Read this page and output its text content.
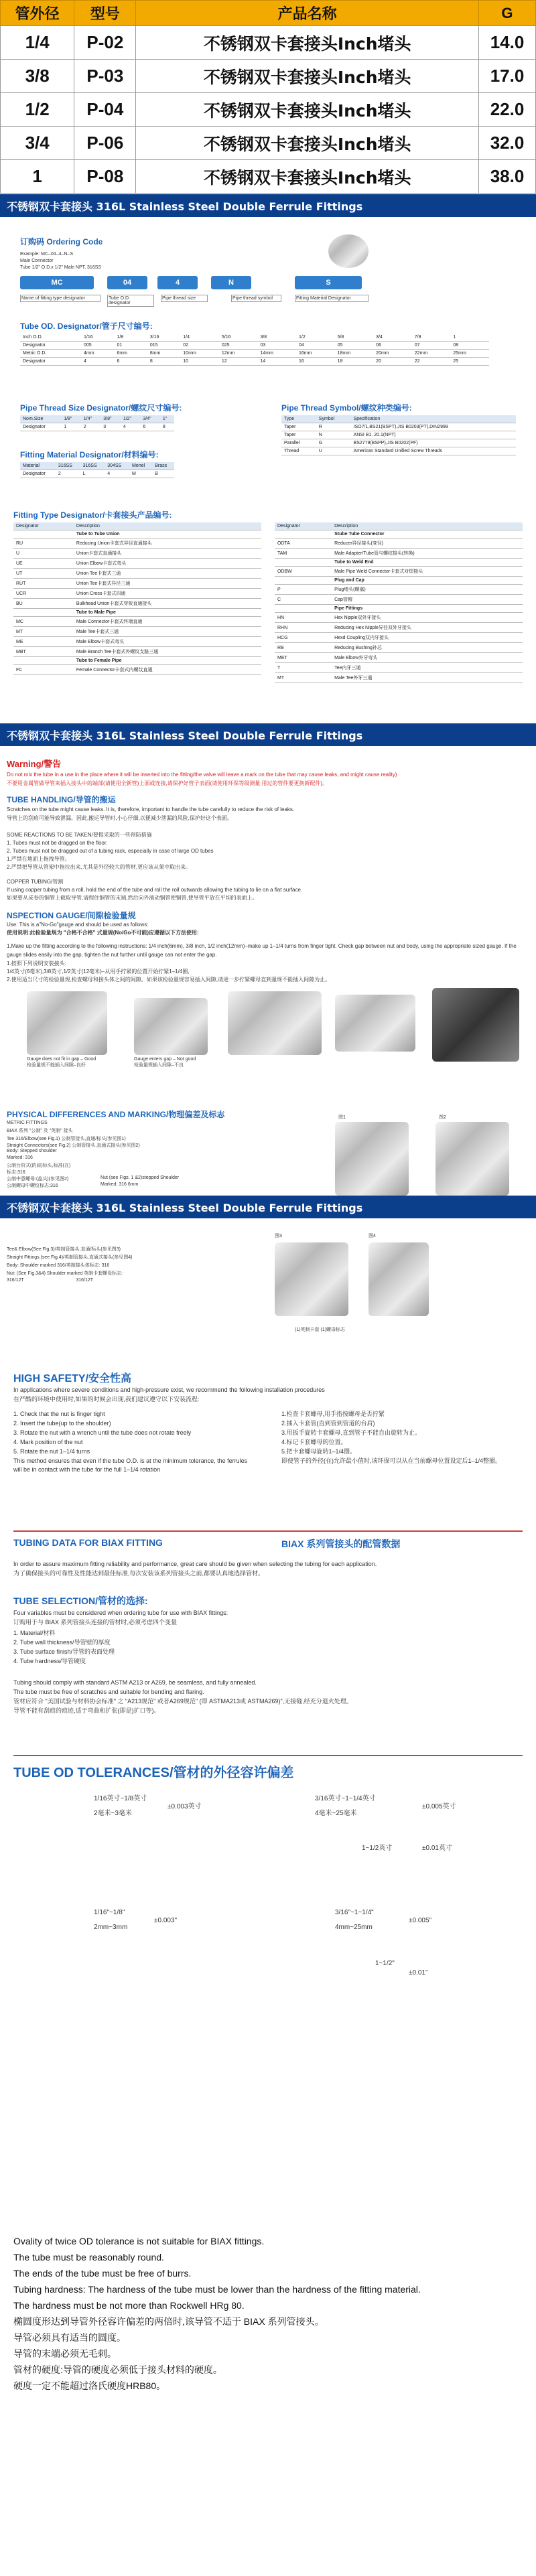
管外径	型号	产品名称	G
1/4	P-02	不锈钢双卡套接头Inch堵头	14.0
3/8	P-03	不锈钢双卡套接头Inch堵头	17.0
1/2	P-04	不锈钢双卡套接头Inch堵头	22.0
3/4	P-06	不锈钢双卡套接头Inch堵头	32.0
1	P-08	不锈钢双卡套接头Inch堵头	38.0
不锈钢双卡套接头 316L Stainless Steel Double Ferrule Fittings
订购码 Ordering Code
Example: MC–04–4–N–S
Male Connector
Tube 1/2" O.D.x 1/2" Male NPT, 316SS
MC	04	4	N	S
Name of fitting type designator	Tube O.D. designator
Pipe thread size	Pipe thread symbol	Fitting Material Designator
Tube OD. Designator/管子尺寸编号:
Inch O.D.	1/16	1/8	3/16	1/4	5/16	3/8	1/2	5/8	3/4	7/8	1
Designator	005	01	015	02	025	03	04	05	06	07	08
Metric O.D.	4mm	6mm	8mm	10mm	12mm	14mm	16mm	18mm	20mm	22mm	25mm
Designator	4	6	8	10	12	14	16	18	20	22	25
Pipe Thread Size Designator/螺纹尺寸编号:
Nom.Size	1/8"	1/4"	3/8"	1/2"	3/4"	1"
Designator	1	2	3	4	6	8
Pipe Thread Symbol/螺纹种类编号:
Type	Symbol	Specification
Taper	R	ISO7/1,BS21(BSPT),JIS B0203(PT),DIN2999
Taper	N	ANSI B1. 20.1(NPT)
Parallel	G	BS2779(BSPP),JIS B0202(PF)
Thread	U	American Standard Unified Screw Threads
Fitting Material Designator/材料编号:
Material	316SS	316SS	304SS	Monel	Brass
Designator	2	L	4	M	B
Fitting Type Designator/卡套接头产品编号:
Designator	Description
	Tube to Tube Union
RU	Reducing Union卡套式异径直通接头
U	Union卡套式直通接头
UE	Union Elbow卡套式弯头
UT	Union Tee卡套式三通
RUT	Union Tee卡套式异径三通
UCR	Union Cross卡套式四通
BU	Bulkhead Union卡套式穿板直通接头
	Tube to Male Pipe
MC	Male Connector卡套式终端直通
MT	Male Tee卡套式三通
ME	Male Elbow卡套式弯头
MBT	Male Branch Tee卡套式外螺纹支路三通
	Tube to Female Pipe
FC	Female Connector卡套式内螺纹直通
Designator	Description
	Stube Tube Connector
ODTA	Reducer异径接头(变径)
TAM	Male Adapter/Tube管与螺纹接头(转换)
	Tube to Weld End
ODBW	Male Pipe Weld Connector卡套式对焊接头
	Plug and Cap
P	Plug堵头(螺塞)
C	Cap管帽
	Pipe Fittings
HN	Hex Nipple双外牙接头
RHN	Reducing Hex Nipple异径双外牙接头
HCG	Hexd Coupling双内牙接头
RB	Reducing Bushing补芯
MET	Male Elbow外牙弯头
T	Tee内牙三通
MT	Male Tee外牙三通
不锈钢双卡套接头 316L Stainless Steel Double Ferrule Fittings
Warning/警告
Do not mix the tube in a use in the place where it will be inserted into the fitting/the valve will leave a mark on the tube that may cause leaks, and might cause reality)
不要用金属管做导管来插入接头中的端部(请使用全新管)上面或连接,请保护好管子表面(请使用环保等级测量 用过的管件要更换新配件)。
TUBE HANDLING/导管的搬运
Scratches on the tube might cause leaks. It is, therefore, important to handle the tube carefully to reduce the risk of leaks.
导管上的刮痕可能导致泄漏。因此,搬运导管时,小心仔细,以便减少泄漏的风险,保护好这个表面。
SOME REACTIONS TO BE TAKEN/要提采取的一些预防措施
1. Tubes must not be dragged on the floor.
2. Tubes must not be dragged out of a tubing rack, especially in case of large OD tubes
1.严禁在地面上拖拽导管。
2.严禁把导管从管架中拖拉出来,尤其是外径较大的管材,更应该从架中取出来。
COPPER TUBING/管割
If using copper tubing from a roll, hold the end of the tube and roll the roll outwards allowing the tubing to lie on a flat surface.
如果要从成卷的铜管上截取导管,请捏住铜管的末端,然后向外滚动铜管使铜管,使导管平放在平坦的表面上。
NSPECTION GAUGE/间隙检验量规
Use: This is a"No-Go"gauge and should be used as follows:
使用说明:此检验量规为 "合格不合格" 式量规(No/Go不可能)应遵循以下方法使用:
1.Make up the fitting according to the following instructions: 1/4 inch(6mm), 3/8 inch, 1/2 inch(12mm)–make up 1–1/4 turns from finger tight. Check gap between nut and body, using the appropriate sized gauge. If the gauge slides easily into the gap, tighten the nut further until gauge can not enter the gap.
1.按照下列说明安装接头:
1/4英寸(6毫米),3/8英寸,1/2英寸(12毫米)–从用手拧紧的位置开始拧紧1–1/4圈,
2.使用适当尺寸的检验量规,检查螺母和接头体之间的间隙。如果该检验量规容易插入间隙,请进一步拧紧螺母直到量规不能插入间隙为止。
Gauge does not fit in gap – Good
检验量规不能插入间隙–良好
Gauge enters gap – Not good
检验量规插入间隙–不良
PHYSICAL DIFFERENCES AND MARKING/物理偏差及标志
METRIC FITTINGS
BIAX 系列 "公制" 及 "英制" 接头
Tee 316/Elbow(see Fig.1) 公制管接头,直通/标头(参见图1)
Straight Connectors(see Fig.2) 公制管接头,直通式接头(参见图2)
Body: Stepped shoulder
Marked: 316
公制台阶式(的肩)标头,标准(在)
标志:316
公制中意螺母:(盖头)(参见图2)
公制螺母中螺纹标志:316
Nut (see Figs. 1 &2)stepped Shoulder
Marked: 316 6mm
图1	图2
不锈钢双卡套接头 316L Stainless Steel Double Ferrule Fittings
Tee& Elbow(See Fig.3)/英制管接头,直通/标头(参见图3)
Straight Fittings.(see Fig.4)/英制管接头,直通式接头(参见图4)
Body: Shoulder marked 316/英制接头体标志: 316
Nut: (See Fig.3&4) Shoulder marked 英制卡套螺母标志:
316/12T                                        316/12T
图3	图4
(1)英制卡套 (1)螺母标志
HIGH SAFETY/安全性高
In applications where severe conditions and high-pressure exist, we recommend the following installation procedures
在严酷的环境中使用时,如果的时候会出现,我们建议遵守以下安装流程:
1. Check that the nut is finger tight
2. Insert the tube(up to the shoulder)
3. Rotate the nut with a wrench until the tube does not rotate freely
4. Mark position of the nut
5. Rotate the nut 1–1/4 turns
This method ensures that even if the tube O.D. is at the minimum tolerance, the ferrules will be in contact with the tube for the full 1–1/4 rotation
1.检查卡套螺母,用手指按螺母是否拧紧
2.插入卡套管(直到管到管道的台肩)
3.用扳手旋转卡套螺母,直到管子不能自由旋转为止。
4.标记卡套螺母的位置。
5.把卡套螺母旋转1–1/4圈。
即使管子的外径(在)允许最小值时,该环保可以从在当前螺母位置设定后1–1/4整圈。
TUBING DATA FOR BIAX FITTING	BIAX 系列管接头的配管数据
In order to assure maximum fitting reliability and performance, great care should be given when selecting the tubing for each application.
为了确保接头的可靠性及性能达到最佳标准,每次安装该系列管接头之前,都要认真地选择管材。
TUBE SELECTION/管材的选择:
Four variables must be considered when ordering tube for use with BIAX fittings:
订购用于与 BIAX 系列管接头连接的管材时,必须考虑四个变量
1. Material/材料
2. Tube wall thickness/导管壁的厚度
3. Tube surface finish/导管的表面处理
4. Tube hardness/导管硬度
Tubing should comply with standard ASTM A213 or A269, be seamless, and fully annealed.
The tube must be free of scratches and suitable for bending and flaring.
管材应符合 "美国试验与材料协会标准" 之 "A213规范" 或者A269规范" (即 ASTMA213或 ASTMA269)",无接缝,经充分退火处理。
导管不能有刮痕的痕迹,适于弯曲和扩张(即是)扩口等)。
TUBE OD TOLERANCES/管材的外径容许偏差
1/16英寸~1/8英寸
2毫米~3毫米
±0.003英寸
3/16英寸~1~1/4英寸
4毫米~25毫米
±0.005英寸
1~1/2英寸	±0.01英寸
1/16"~1/8"
2mm~3mm
±0.003"
3/16"~1~1/4"
4mm~25mm
±0.005"
1~1/2"
±0.01"
Ovality of twice OD tolerance is not suitable for BIAX fittings.
The tube must be reasonably round.
The ends of the tube must be free of burrs.
Tubing hardness: The hardness of the tube must be lower than the hardness of the fitting material.
The hardness must be not more than Rockwell HRg 80.
椭圆度形达到导管外径容许偏差的两倍时,该导管不适于 BIAX 系列管接头。
导管必须具有适当的圆度。
导管的末端必须无毛刺。
管材的硬度:导管的硬度必须低于接头材料的硬度。
硬度一定不能超过洛氏硬度HRB80。
